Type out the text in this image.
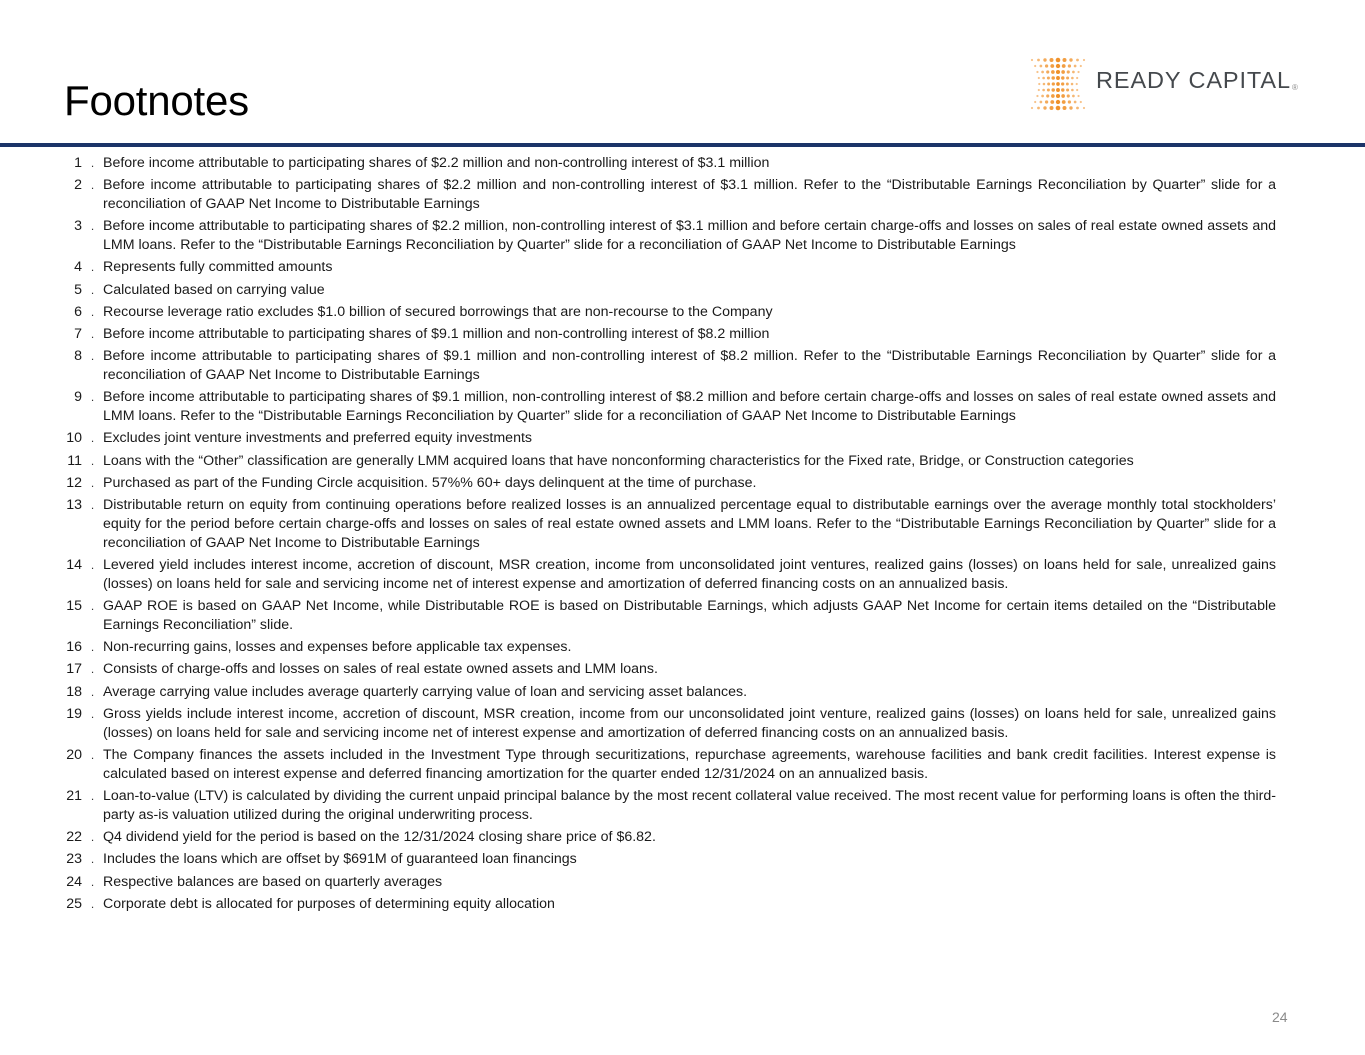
Footnotes	READY CAPITAL®
1 . Before income attributable to participating shares of $2.2 million and non-controlling interest of $3.1 million
2 . Before income attributable to participating shares of $2.2 million and non-controlling interest of $3.1 million. Refer to the “Distributable Earnings Reconciliation by Quarter” slide for a reconciliation of GAAP Net Income to Distributable Earnings
3 . Before income attributable to participating shares of $2.2 million, non-controlling interest of $3.1 million and before certain charge-offs and losses on sales of real estate owned assets and LMM loans. Refer to the “Distributable Earnings Reconciliation by Quarter” slide for a reconciliation of GAAP Net Income to Distributable Earnings
4 . Represents fully committed amounts
5 . Calculated based on carrying value
6 . Recourse leverage ratio excludes $1.0 billion of secured borrowings that are non-recourse to the Company
7 . Before income attributable to participating shares of $9.1 million and non-controlling interest of $8.2 million
8 . Before income attributable to participating shares of $9.1 million and non-controlling interest of $8.2 million. Refer to the “Distributable Earnings Reconciliation by Quarter” slide for a reconciliation of GAAP Net Income to Distributable Earnings
9 . Before income attributable to participating shares of $9.1 million, non-controlling interest of $8.2 million and before certain charge-offs and losses on sales of real estate owned assets and LMM loans. Refer to the “Distributable Earnings Reconciliation by Quarter” slide for a reconciliation of GAAP Net Income to Distributable Earnings
10 . Excludes joint venture investments and preferred equity investments
11 . Loans with the “Other” classification are generally LMM acquired loans that have nonconforming characteristics for the Fixed rate, Bridge, or Construction categories
12 . Purchased as part of the Funding Circle acquisition. 57%% 60+ days delinquent at the time of purchase.
13 . Distributable return on equity from continuing operations before realized losses is an annualized percentage equal to distributable earnings over the average monthly total stockholders’ equity for the period before certain charge-offs and losses on sales of real estate owned assets and LMM loans. Refer to the “Distributable Earnings Reconciliation by Quarter” slide for a reconciliation of GAAP Net Income to Distributable Earnings
14 . Levered yield includes interest income, accretion of discount, MSR creation, income from unconsolidated joint ventures, realized gains (losses) on loans held for sale, unrealized gains (losses) on loans held for sale and servicing income net of interest expense and amortization of deferred financing costs on an annualized basis.
15 . GAAP ROE is based on GAAP Net Income, while Distributable ROE is based on Distributable Earnings, which adjusts GAAP Net Income for certain items detailed on the “Distributable Earnings Reconciliation” slide.
16 . Non-recurring gains, losses and expenses before applicable tax expenses.
17 . Consists of charge-offs and losses on sales of real estate owned assets and LMM loans.
18 . Average carrying value includes average quarterly carrying value of loan and servicing asset balances.
19 . Gross yields include interest income, accretion of discount, MSR creation, income from our unconsolidated joint venture, realized gains (losses) on loans held for sale, unrealized gains (losses) on loans held for sale and servicing income net of interest expense and amortization of deferred financing costs on an annualized basis.
20 . The Company finances the assets included in the Investment Type through securitizations, repurchase agreements, warehouse facilities and bank credit facilities. Interest expense is calculated based on interest expense and deferred financing amortization for the quarter ended 12/31/2024 on an annualized basis.
21 . Loan-to-value (LTV) is calculated by dividing the current unpaid principal balance by the most recent collateral value received. The most recent value for performing loans is often the third-party as-is valuation utilized during the original underwriting process.
22 . Q4 dividend yield for the period is based on the 12/31/2024 closing share price of $6.82.
23 . Includes the loans which are offset by $691M of guaranteed loan financings
24 . Respective balances are based on quarterly averages
25 . Corporate debt is allocated for purposes of determining equity allocation
24
